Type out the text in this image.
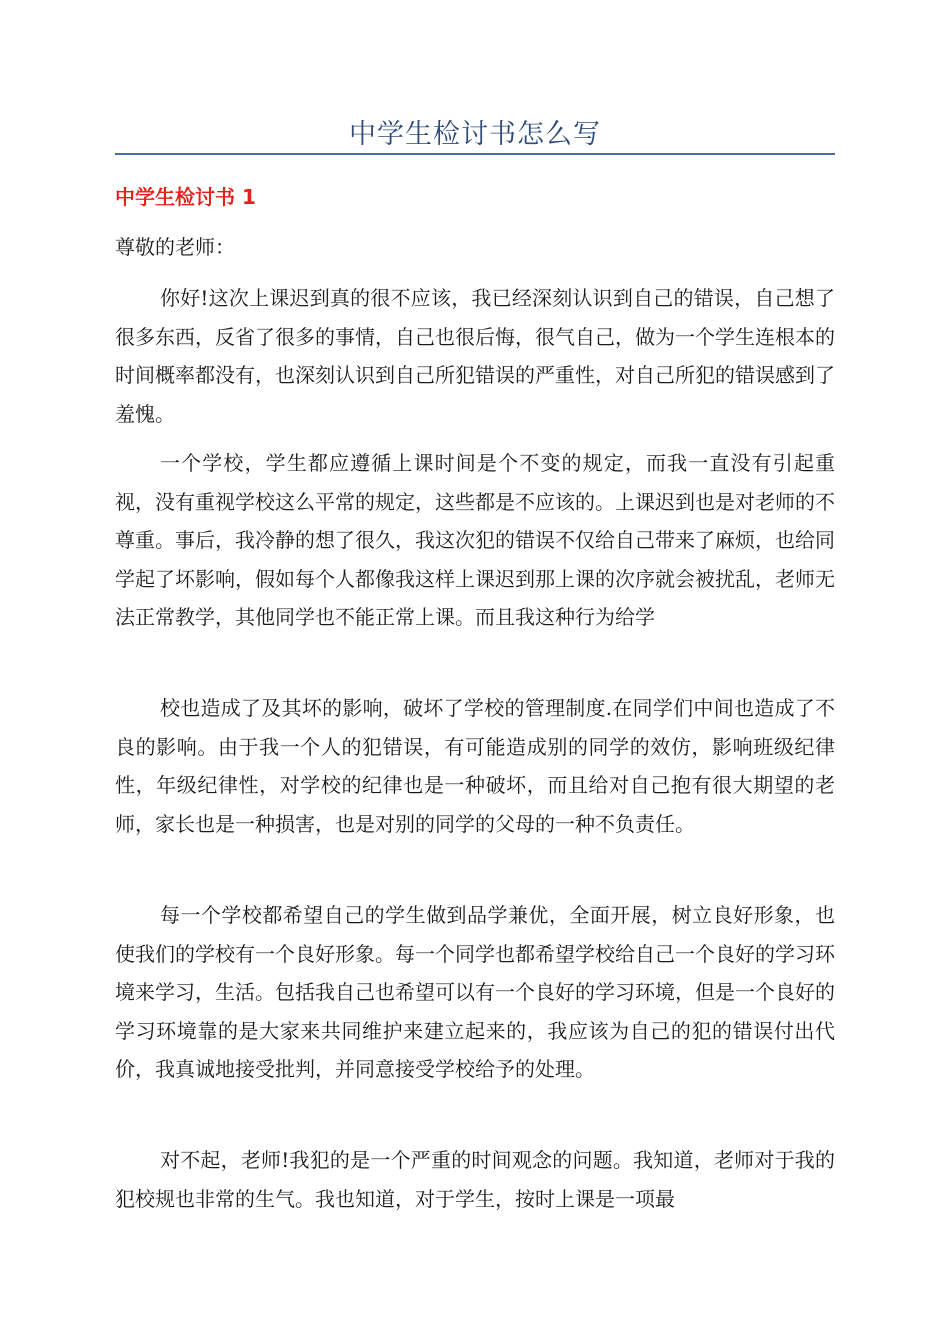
中学生检讨书怎么写
中学生检讨书 1
尊敬的老师：

你好!这次上课迟到真的很不应该，我已经深刻认识到自己的错误，自己想了很多东西，反省了很多的事情，自己也很后悔，很气自己，做为一个学生连根本的时间概率都没有，也深刻认识到自己所犯错误的严重性，对自己所犯的错误感到了羞愧。

一个学校，学生都应遵循上课时间是个不变的规定，而我一直没有引起重视，没有重视学校这么平常的规定，这些都是不应该的。上课迟到也是对老师的不尊重。事后，我冷静的想了很久，我这次犯的错误不仅给自己带来了麻烦，也给同学起了坏影响，假如每个人都像我这样上课迟到那上课的次序就会被扰乱，老师无法正常教学，其他同学也不能正常上课。而且我这种行为给学

校也造成了及其坏的影响，破坏了学校的管理制度.在同学们中间也造成了不良的影响。由于我一个人的犯错误，有可能造成别的同学的效仿，影响班级纪律性，年级纪律性，对学校的纪律也是一种破坏，而且给对自己抱有很大期望的老师，家长也是一种损害，也是对别的同学的父母的一种不负责任。

每一个学校都希望自己的学生做到品学兼优，全面开展，树立良好形象，也使我们的学校有一个良好形象。每一个同学也都希望学校给自己一个良好的学习环境来学习，生活。包括我自己也希望可以有一个良好的学习环境，但是一个良好的学习环境靠的是大家来共同维护来建立起来的，我应该为自己的犯的错误付出代价，我真诚地接受批判，并同意接受学校给予的处理。

对不起，老师!我犯的是一个严重的时间观念的问题。我知道，老师对于我的犯校规也非常的生气。我也知道，对于学生，按时上课是一项最
